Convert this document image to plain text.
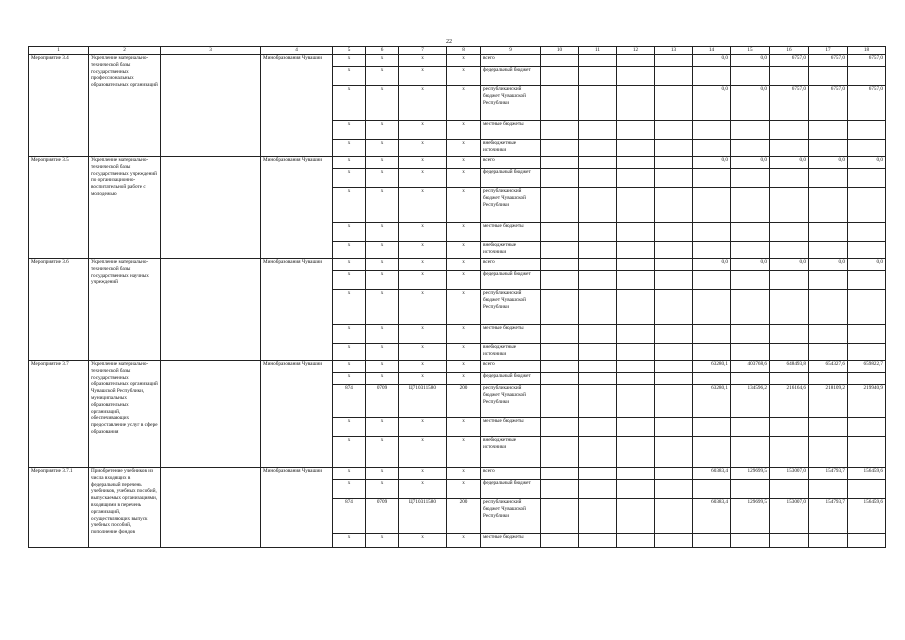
22
1	2	3	4	5	6	7	8	9	10	11	12	13	14	15	16	17	18
Мероприятие 3.4	Укрепление материально-технической базы государственных профессиональных образовательных организаций		Минобразования Чувашии	x	x	x	x	всего					0,0	0,0	6757,0	6757,0	6757,0
				x	x	x	x	федеральный бюджет									
				x	x	x	x	республиканский бюджет Чувашской Республики					0,0	0,0	6757,0	6757,0	6757,0
				x	x	x	x	местные бюджеты									
				x	x	x	x	внебюджетные источники									
Мероприятие 3.5	Укрепление материально-технической базы государственных учреждений по организационно-воспитательной работе с молодежью		Минобразования Чувашии	x	x	x	x	всего					0,0	0,0	0,0	0,0	0,0
				x	x	x	x	федеральный бюджет									
				x	x	x	x	республиканский бюджет Чувашской Республики									
				x	x	x	x	местные бюджеты									
				x	x	x	x	внебюджетные источники									
Мероприятие 3.6	Укрепление материально-технической базы государственных научных учреждений		Минобразования Чувашии	x	x	x	x	всего					0,0	0,0	0,0	0,0	0,0
				x	x	x	x	федеральный бюджет									
				x	x	x	x	республиканский бюджет Чувашской Республики									
				x	x	x	x	местные бюджеты									
				x	x	x	x	внебюджетные источники									
Мероприятие 3.7	Укрепление материально-технической базы государственных образовательных организаций Чувашской Республики, муниципальных образовательных организаций, обеспечивающих предоставление услуг в сфере образования		Минобразования Чувашии	x	x	x	x	всего					63280,1	403768,6	648493,8	654327,6	659822,7
				x	x	x	x	федеральный бюджет									
				874	0709	Ц710311580	200	республиканский бюджет Чувашской Республики					63280,1	134596,2	216164,6	218109,2	219940,9
				x	x	x	x	местные бюджеты									
				x	x	x	x	внебюджетные источники									
Мероприятие 3.7.1	Приобретение учебников из числа входящих в федеральный перечень учебников, учебных пособий, выпускаемых организациями, входящими в перечень организаций, осуществляющих выпуск учебных пособий, пополнение фондов		Минобразования Чувашии	x	x	x	x	всего					60383,4	129699,5	153007,0	154793,7	156459,6
				x	x	x	x	федеральный бюджет									
				874	0709	Ц710311580	200	республиканский бюджет Чувашской Республики					60383,4	129699,5	153007,0	154793,7	156459,6
				x	x	x	x	местные бюджеты									
